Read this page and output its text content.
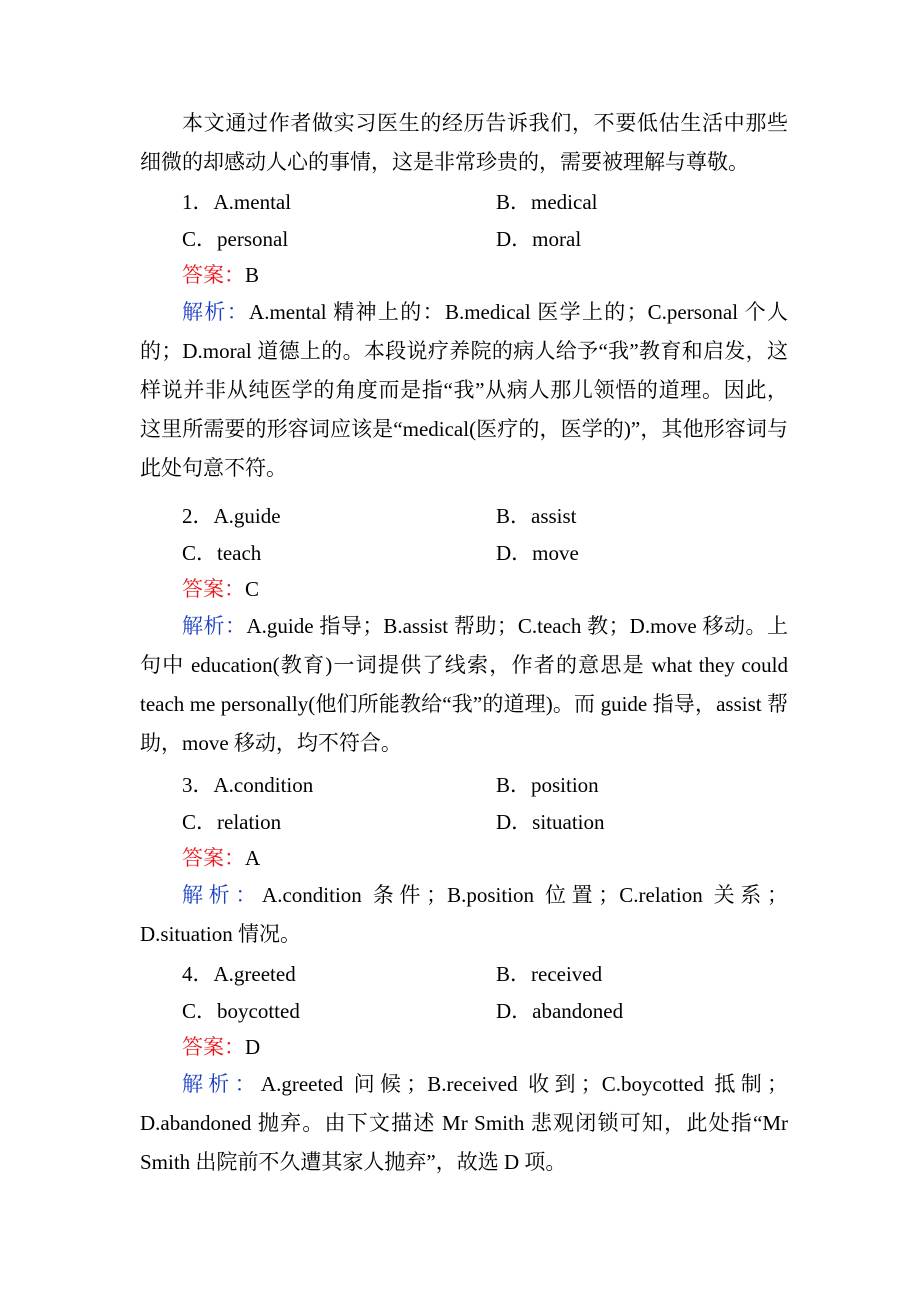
本文通过作者做实习医生的经历告诉我们，不要低估生活中那些细微的却感动人心的事情，这是非常珍贵的，需要被理解与尊敬。

1．A.mental	B．medical
C．personal	D．moral
答案：B

解析：A.mental 精神上的：B.medical 医学上的；C.personal 个人的；D.moral 道德上的。本段说疗养院的病人给予“我”教育和启发，这样说并非从纯医学的角度而是指“我”从病人那儿领悟的道理。因此，这里所需要的形容词应该是“medical(医疗的，医学的)”，其他形容词与此处句意不符。

2．A.guide	B．assist
C．teach	D．move
答案：C

解析：A.guide 指导；B.assist 帮助；C.teach 教；D.move 移动。上句中 education(教育)一词提供了线索，作者的意思是 what they could teach me personally(他们所能教给“我”的道理)。而 guide 指导，assist 帮助，move 移动，均不符合。

3．A.condition	B．position
C．relation	D．situation
答案：A

解析：A.condition 条件；B.position 位置；C.relation 关系；D.situation 情况。

4．A.greeted	B．received
C．boycotted	D．abandoned
答案：D

解析：A.greeted 问候；B.received 收到；C.boycotted 抵制；D.abandoned 抛弃。由下文描述 Mr Smith 悲观闭锁可知，此处指“Mr Smith 出院前不久遭其家人抛弃”，故选 D 项。
